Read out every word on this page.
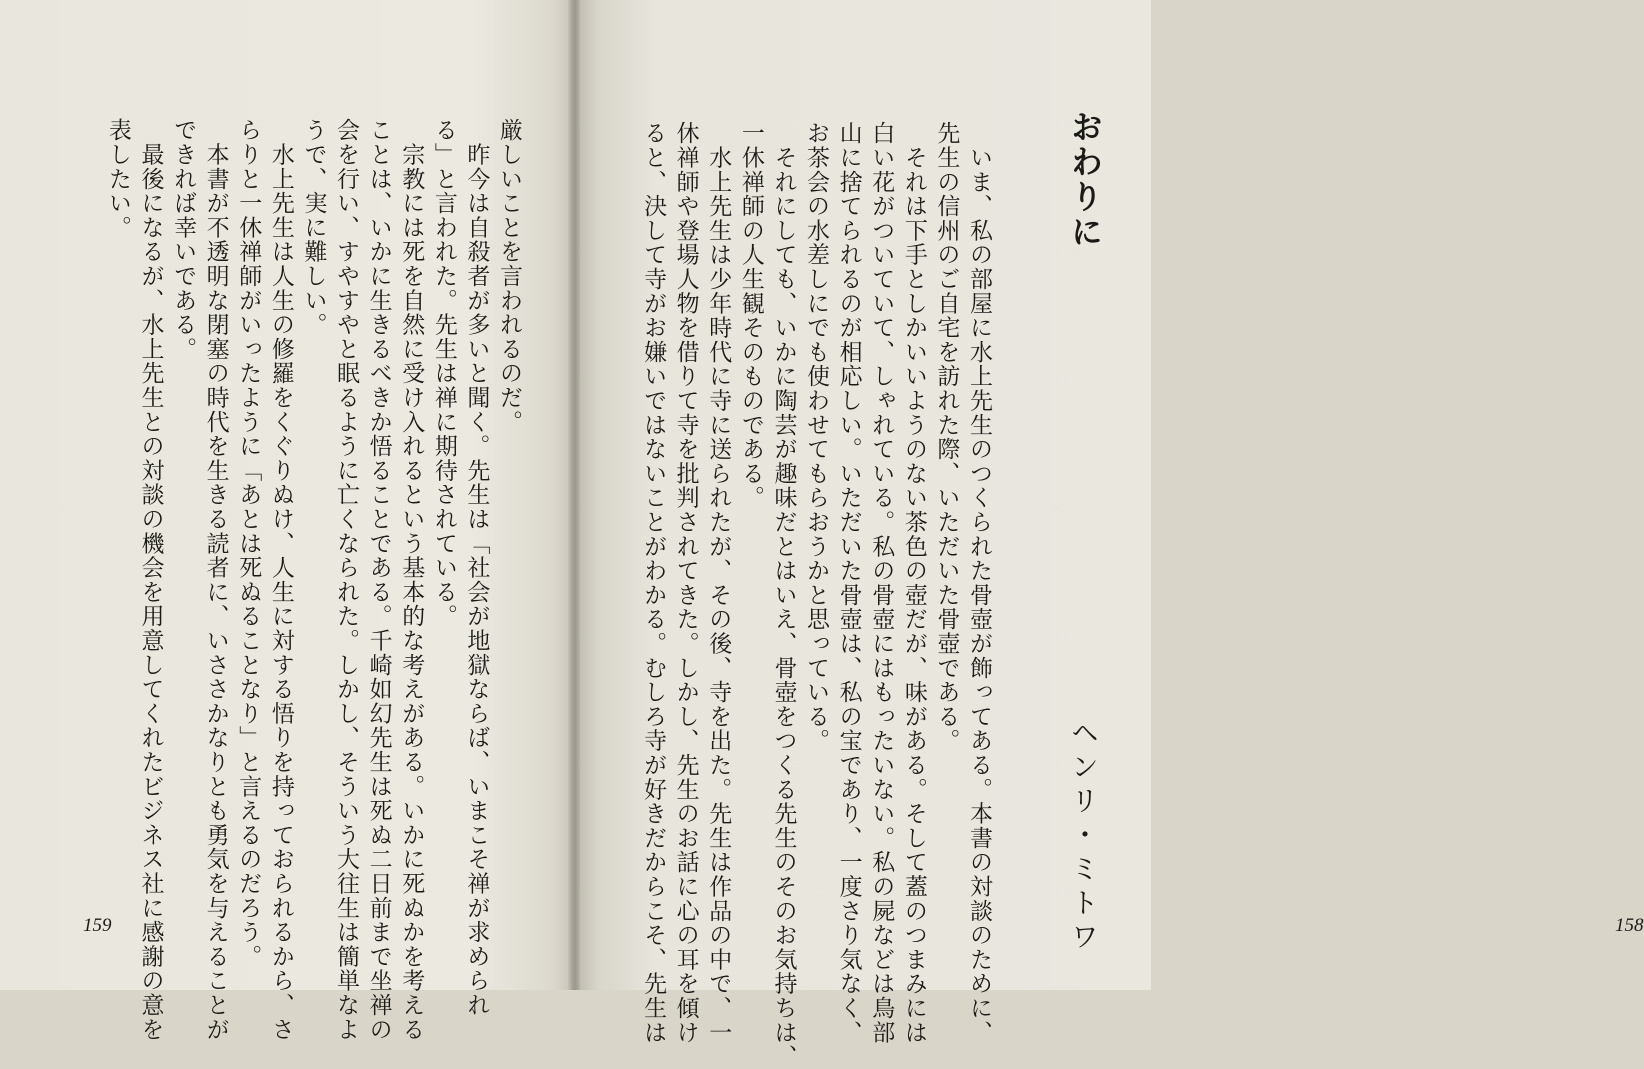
厳しいことを言われるのだ。
　昨今は自殺者が多いと聞く。先生は「社会が地獄ならば、いまこそ禅が求められ
る」と言われた。先生は禅に期待されている。
　宗教には死を自然に受け入れるという基本的な考えがある。いかに死ぬかを考える
ことは、いかに生きるべきか悟ることである。千崎如幻先生は死ぬ二日前まで坐禅の
会を行い、すやすやと眠るように亡くなられた。しかし、そういう大往生は簡単なよ
うで、実に難しい。
　水上先生は人生の修羅をくぐりぬけ、人生に対する悟りを持っておられるから、さ
らりと一休禅師がいったように「あとは死ぬることなり」と言えるのだろう。
　本書が不透明な閉塞の時代を生きる読者に、いささかなりとも勇気を与えることが
できれば幸いである。
　最後になるが、水上先生との対談の機会を用意してくれたビジネス社に感謝の意を
表したい。
159	　いま、私の部屋に水上先生のつくられた骨壺が飾ってある。本書の対談のために、
先生の信州のご自宅を訪れた際、いただいた骨壺である。
　それは下手としかいいようのない茶色の壺だが、味がある。そして蓋のつまみには
白い花がついていて、しゃれている。私の骨壺にはもったいない。私の屍などは鳥部
山に捨てられるのが相応しい。いただいた骨壺は、私の宝であり、一度さり気なく、
お茶会の水差しにでも使わせてもらおうかと思っている。
　それにしても、いかに陶芸が趣味だとはいえ、骨壺をつくる先生のそのお気持ちは、
一休禅師の人生観そのものである。
　水上先生は少年時代に寺に送られたが、その後、寺を出た。先生は作品の中で、一
休禅師や登場人物を借りて寺を批判されてきた。しかし、先生のお話に心の耳を傾け
ると、決して寺がお嫌いではないことがわかる。むしろ寺が好きだからこそ、先生は	おわりに
ヘンリ・ミトワ	158
